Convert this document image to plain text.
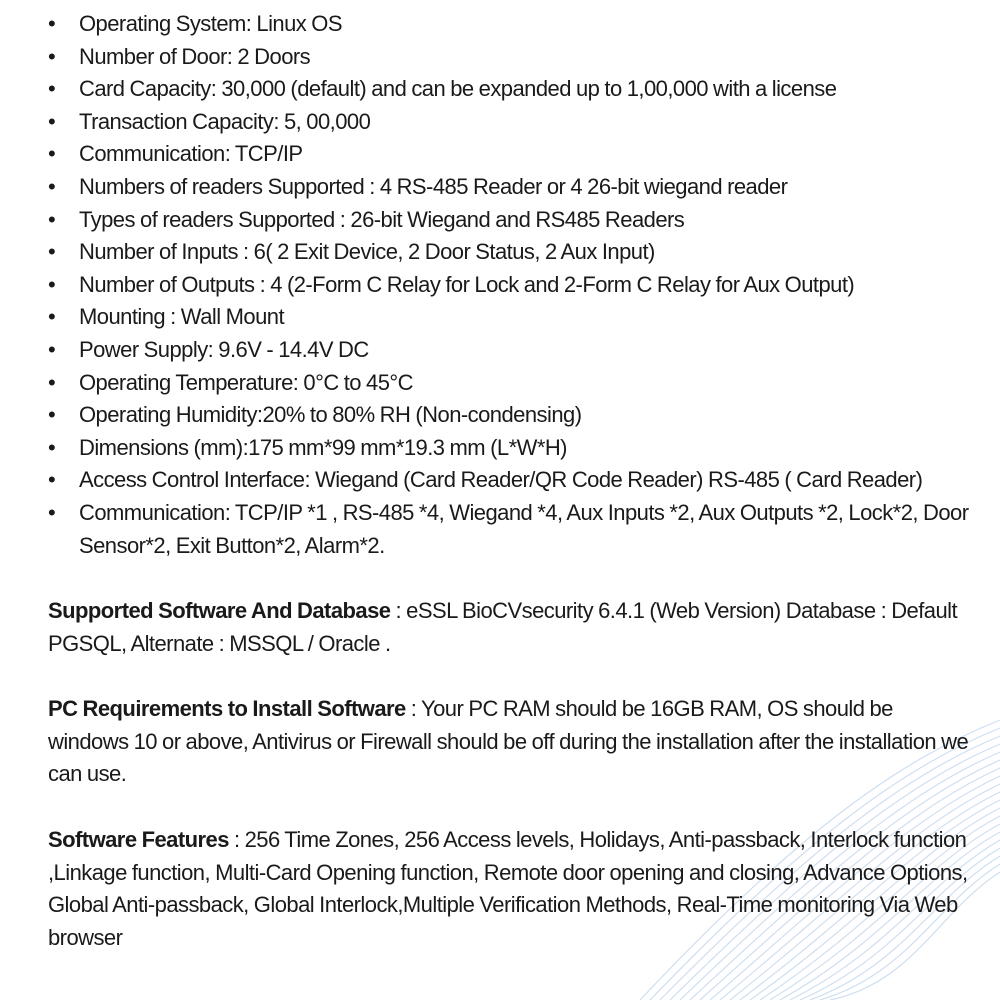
•	Operating System: Linux OS
•	Number of Door: 2 Doors
•	Card Capacity: 30,000 (default) and can be expanded up to 1,00,000 with a license
•	Transaction Capacity: 5, 00,000
•	Communication: TCP/IP
•	Numbers of readers Supported : 4 RS-485 Reader or 4 26-bit wiegand reader
•	Types of readers Supported : 26-bit Wiegand and RS485 Readers
•	Number of Inputs : 6( 2 Exit Device, 2 Door Status, 2 Aux Input)
•	Number of Outputs : 4 (2-Form C Relay for Lock and 2-Form C Relay for Aux Output)
•	Mounting : Wall Mount
•	Power Supply: 9.6V - 14.4V DC
•	Operating Temperature: 0°C to 45°C
•	Operating Humidity:20% to 80% RH (Non-condensing)
•	Dimensions (mm):175 mm*99 mm*19.3 mm (L*W*H)
•	Access Control Interface: Wiegand (Card Reader/QR Code Reader) RS-485 ( Card Reader)
•	Communication: TCP/IP *1 , RS-485 *4, Wiegand *4, Aux Inputs *2, Aux Outputs *2, Lock*2, Door Sensor*2, Exit Button*2, Alarm*2.

Supported Software And Database : eSSL BioCVsecurity 6.4.1 (Web Version) Database : Default PGSQL, Alternate : MSSQL / Oracle .

PC Requirements to Install Software : Your PC RAM should be 16GB RAM, OS should be windows 10 or above, Antivirus or Firewall should be off during the installation after the installation we can use.

Software Features : 256 Time Zones, 256 Access levels, Holidays, Anti-passback, Interlock function ,Linkage function, Multi-Card Opening function, Remote door opening and closing, Advance Options, Global Anti-passback, Global Interlock,Multiple Verification Methods, Real-Time monitoring Via Web browser
